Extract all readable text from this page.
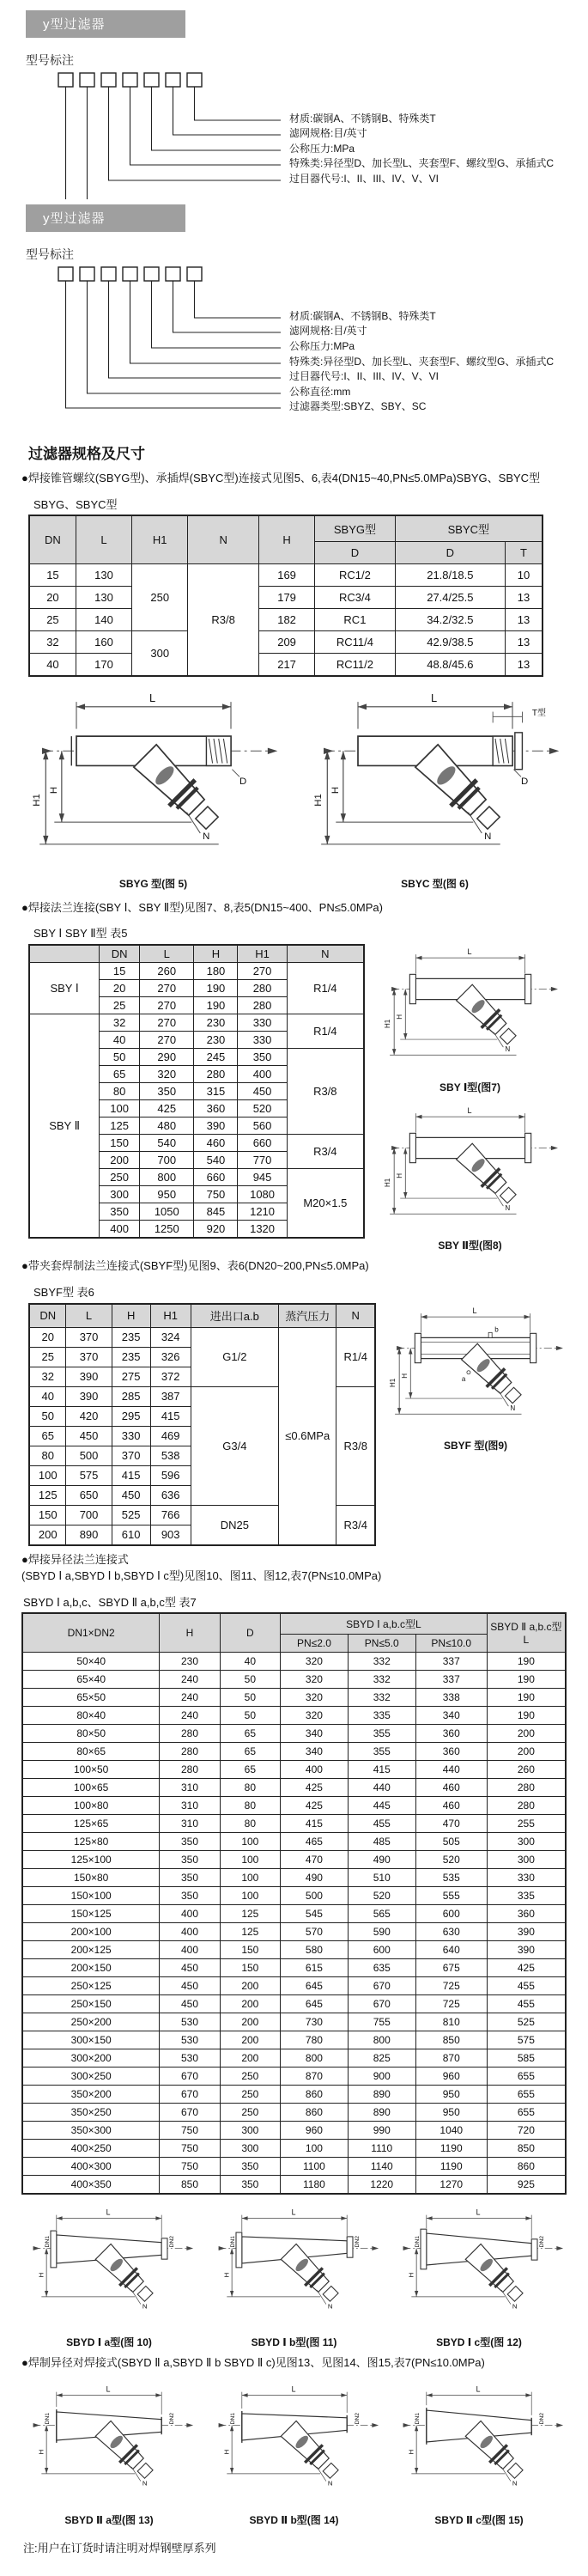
y型过滤器
型号标注
材质:碳钢A、不锈钢B、特殊类T
滤网规格:目/英寸
公称压力:MPa
特殊类:异径型D、加长型L、夹套型F、螺纹型G、承插式C
过目器代号:I、II、III、IV、V、VI
y型过滤器
型号标注
材质:碳钢A、不锈钢B、特殊类T
滤网规格:目/英寸
公称压力:MPa
特殊类:异径型D、加长型L、夹套型F、螺纹型G、承插式C
过目器代号:I、II、III、IV、V、VI
公称直径:mm
过滤器类型:SBYZ、SBY、SC
过滤器规格及尺寸

●焊接锥管螺纹(SBYG型)、承插焊(SBYC型)连接式见图5、6,表4(DN15~40,PN≤5.0MPa)SBYG、SBYC型

SBYG、SBYC型

DN	L	H1	N	H	SBYG型	SBYC型	
					D	D	T
15	130	250	R3/8	169	RC1/2	21.8/18.5	10
20	130			179	RC3/4	27.4/25.5	13
25	140			182	RC1	34.2/32.5	13
32	160	300		209	RC11/4	42.9/38.5	13
40	170			217	RC11/2	48.8/45.6	13
N
L
H
H1
D
SBYG 型(图 5)
N
L
H
H1
D
T型
SBYC 型(图 6)

●焊接法兰连接(SBY Ⅰ、SBY Ⅱ型)见图7、8,表5(DN15~400、PN≤5.0MPa)

SBY Ⅰ SBY Ⅱ型 表5

	DN	L	H	H1	N
SBY Ⅰ	15	260	180	270	R1/4
	20	270	190	280	
	25	270	190	280	
SBY Ⅱ	32	270	230	330	R1/4
	40	270	230	330	
	50	290	245	350	R3/8
	65	320	280	400	
	80	350	315	450	
	100	425	360	520	
	125	480	390	560	
	150	540	460	660	R3/4
	200	700	540	770	
	250	800	660	945	M20×1.5
	300	950	750	1080	
	350	1050	845	1210	
	400	1250	920	1320	
N
L
H
H1
SBY Ⅰ型(图7)
N
L
H
H1
SBY Ⅱ型(图8)

●带夹套焊制法兰连接式(SBYF型)见图9、表6(DN20~200,PN≤5.0MPa)

SBYF型 表6

DN	L	H	H1	进出口a.b	蒸汽压力	N
20	370	235	324	G1/2	≤0.6MPa	R1/4
25	370	235	326			
32	390	275	372			
40	390	285	387	G3/4		R3/8
50	420	295	415			
65	450	330	469			
80	500	370	538			
100	575	415	596			
125	650	450	636			
150	700	525	766	DN25		R3/4
200	890	610	903			
N
L
H
H1	a
b
SBYF 型(图9)

●焊接异径法兰连接式

(SBYD Ⅰ a,SBYD Ⅰ b,SBYD Ⅰ c型)见图10、图11、图12,表7(PN≤10.0MPa)

SBYD Ⅰ a,b,c、SBYD Ⅱ a,b,c型 表7

DN1×DN2	H	D	SBYD Ⅰ a,b.c型L			SBYD Ⅱ a,b.c型L
			PN≤2.0	PN≤5.0	PN≤10.0	
50×40	230	40	320	332	337	190
65×40	240	50	320	332	337	190
65×50	240	50	320	332	338	190
80×40	240	50	320	335	340	190
80×50	280	65	340	355	360	200
80×65	280	65	340	355	360	200
100×50	280	65	400	415	440	260
100×65	310	80	425	440	460	280
100×80	310	80	425	445	460	280
125×65	310	80	415	455	470	255
125×80	350	100	465	485	505	300
125×100	350	100	470	490	520	300
150×80	350	100	490	510	535	330
150×100	350	100	500	520	555	335
150×125	400	125	545	565	600	360
200×100	400	125	570	590	630	390
200×125	400	150	580	600	640	390
200×150	450	150	615	635	675	425
250×125	450	200	645	670	725	455
250×150	450	200	645	670	725	455
250×200	530	200	730	755	810	525
300×150	530	200	780	800	850	575
300×200	530	200	800	825	870	585
300×250	670	250	870	900	960	655
350×200	670	250	860	890	950	655
350×250	670	250	860	890	950	655
350×300	750	300	960	990	1040	720
400×250	750	300	100	1110	1190	850
400×300	750	350	1100	1140	1190	860
400×350	850	350	1180	1220	1270	925
N
L
H
DN1	DN2
SBYD Ⅰ a型(图 10)
N
L
H
DN1	DN2
SBYD Ⅰ b型(图 11)
N
L
H
DN1	DN2
SBYD Ⅰ c型(图 12)

●焊制异径对焊接式(SBYD Ⅱ a,SBYD Ⅱ b SBYD Ⅱ c)见图13、见图14、图15,表7(PN≤10.0MPa)

N
L
H
DN1	DN2
SBYD Ⅱ a型(图 13)
N
L
H
DN1	DN2
SBYD Ⅱ b型(图 14)
N
L
H
DN1	DN2
SBYD Ⅱ c型(图 15)

注:用户在订货时请注明对焊钢壁厚系列
